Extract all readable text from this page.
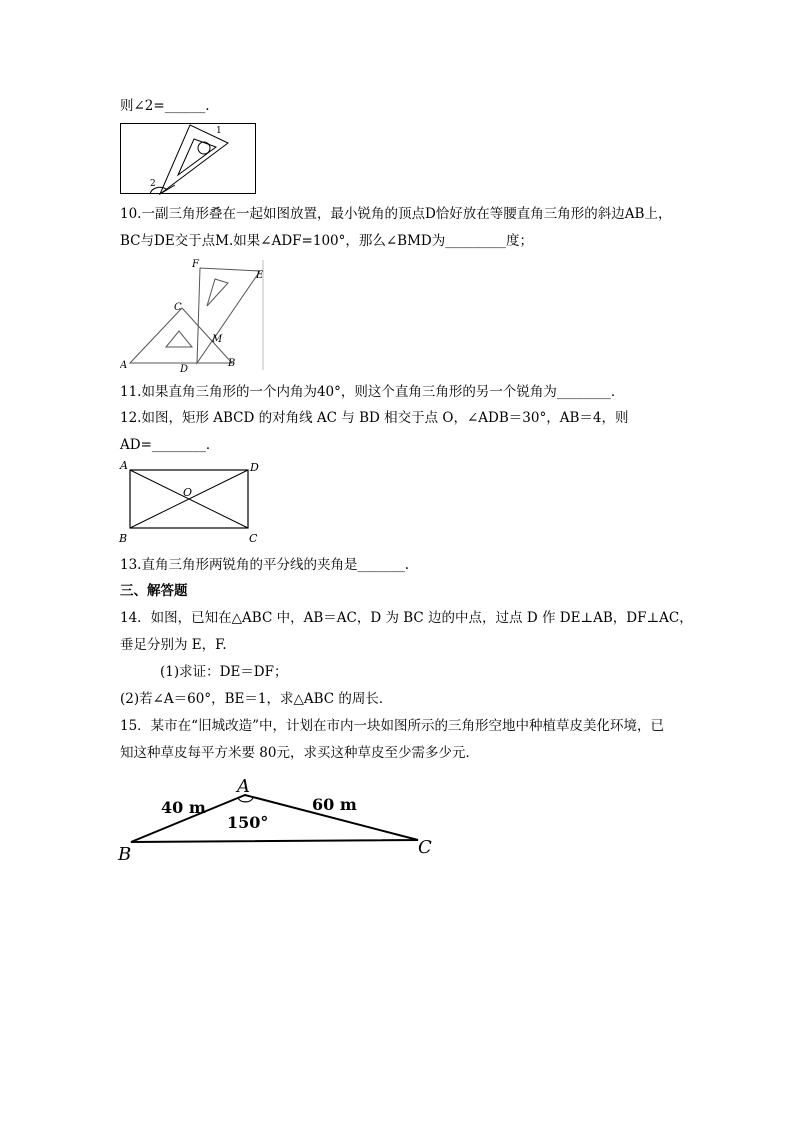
则∠2=______.
1
2
10.一副三角形叠在一起如图放置，最小锐角的顶点D恰好放在等腰直角三角形的斜边AB上，
BC与DE交于点M.如果∠ADF=100°，那么∠BMD为_________度；
A	B
C
D
E
F
M
11.如果直角三角形的一个内角为40°，则这个直角三角形的另一个锐角为________．
12.如图，矩形 ABCD 的对角线 AC 与 BD 相交于点 O，∠ADB＝30°，AB＝4，则
AD=________．
A	D
B	C
O
13.直角三角形两锐角的平分线的夹角是_______.
三、解答题
14．如图，已知在△ABC 中，AB＝AC，D 为 BC 边的中点，过点 D 作 DE⊥AB，DF⊥AC，
垂足分别为 E，F.
(1)求证：DE＝DF；
(2)若∠A＝60°，BE＝1，求△ABC 的周长．
15．某市在“旧城改造”中，计划在市内一块如图所示的三角形空地中种植草皮美化环境，已
知这种草皮每平方米要 80元，求买这种草皮至少需多少元．
A
B	C
40 m	60 m
150°
